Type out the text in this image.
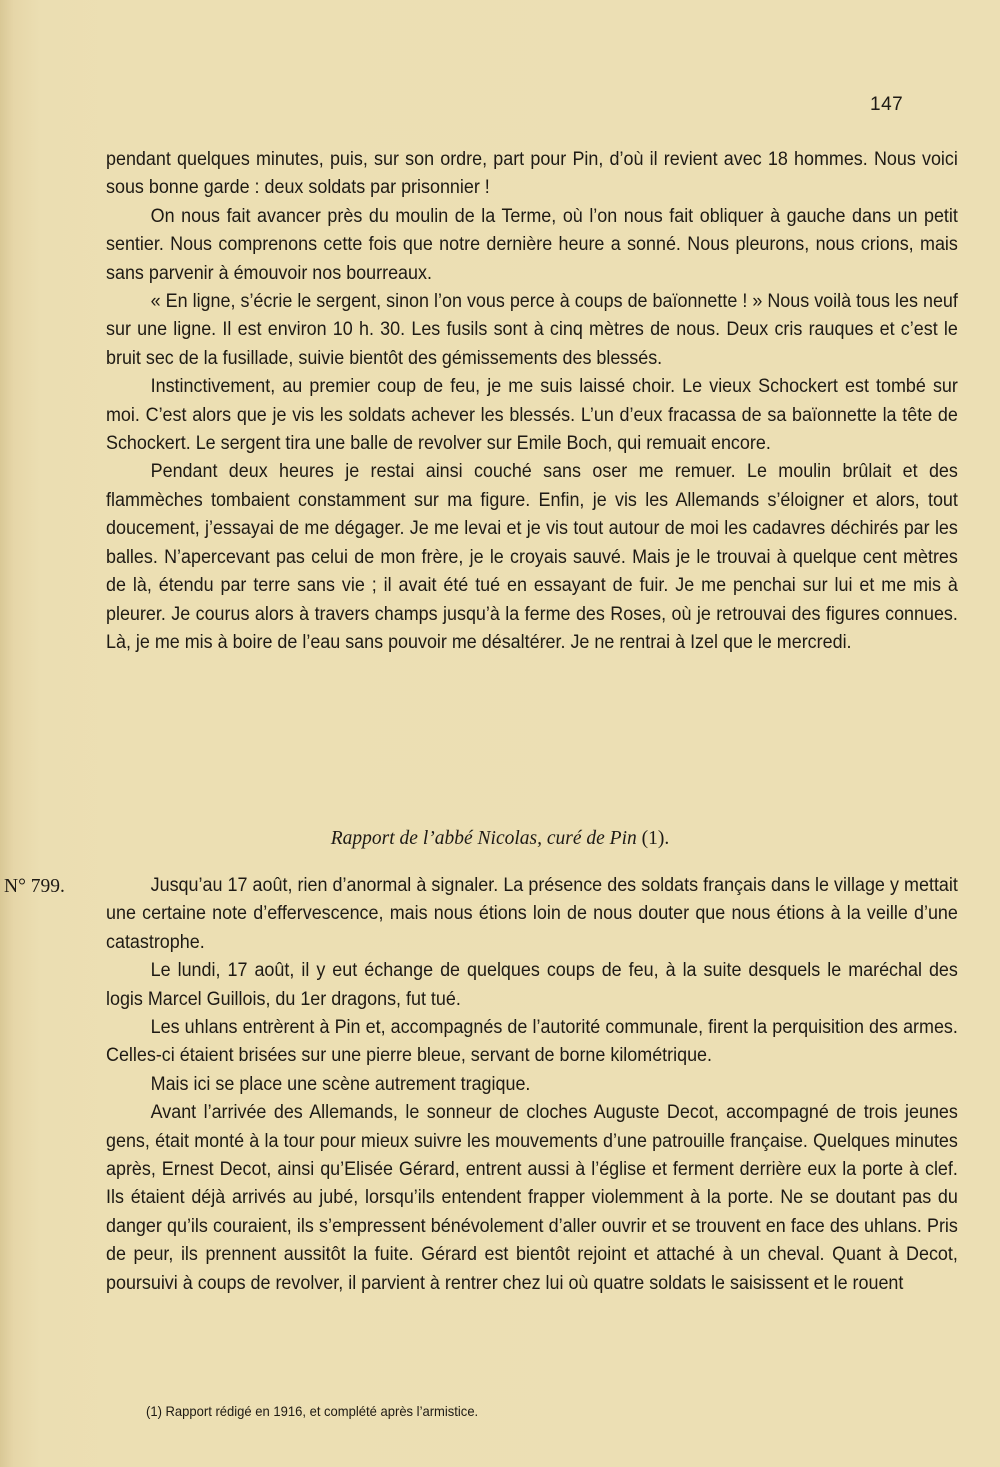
147

pendant quelques minutes, puis, sur son ordre, part pour Pin, d’où il revient avec 18 hommes. Nous voici sous bonne garde : deux soldats par prisonnier !

On nous fait avancer près du moulin de la Terme, où l’on nous fait obliquer à gauche dans un petit sentier. Nous comprenons cette fois que notre dernière heure a sonné. Nous pleurons, nous crions, mais sans parvenir à émouvoir nos bourreaux.

« En ligne, s’écrie le sergent, sinon l’on vous perce à coups de baïonnette ! » Nous voilà tous les neuf sur une ligne. Il est environ 10 h. 30. Les fusils sont à cinq mètres de nous. Deux cris rauques et c’est le bruit sec de la fusillade, suivie bientôt des gémissements des blessés.

Instinctivement, au premier coup de feu, je me suis laissé choir. Le vieux Schockert est tombé sur moi. C’est alors que je vis les soldats achever les blessés. L’un d’eux fracassa de sa baïonnette la tête de Schockert. Le sergent tira une balle de revolver sur Emile Boch, qui remuait encore.

Pendant deux heures je restai ainsi couché sans oser me remuer. Le moulin brûlait et des flammèches tombaient constamment sur ma figure. Enfin, je vis les Allemands s’éloigner et alors, tout doucement, j’essayai de me dégager. Je me levai et je vis tout autour de moi les cadavres déchirés par les balles. N’apercevant pas celui de mon frère, je le croyais sauvé. Mais je le trouvai à quelque cent mètres de là, étendu par terre sans vie ; il avait été tué en essayant de fuir. Je me penchai sur lui et me mis à pleurer. Je courus alors à travers champs jusqu’à la ferme des Roses, où je retrouvai des figures connues. Là, je me mis à boire de l’eau sans pouvoir me désaltérer. Je ne rentrai à Izel que le mercredi.

Rapport de l’abbé Nicolas, curé de Pin (1).
N° 799.	Jusqu’au 17 août, rien d’anormal à signaler. La présence des soldats français dans le village y mettait une certaine note d’effervescence, mais nous étions loin de nous douter que nous étions à la veille d’une catastrophe.

Le lundi, 17 août, il y eut échange de quelques coups de feu, à la suite desquels le maréchal des logis Marcel Guillois, du 1er dragons, fut tué.

Les uhlans entrèrent à Pin et, accompagnés de l’autorité communale, firent la perquisition des armes. Celles-ci étaient brisées sur une pierre bleue, servant de borne kilométrique.

Mais ici se place une scène autrement tragique.

Avant l’arrivée des Allemands, le sonneur de cloches Auguste Decot, accompagné de trois jeunes gens, était monté à la tour pour mieux suivre les mouvements d’une patrouille française. Quelques minutes après, Ernest Decot, ainsi qu’Elisée Gérard, entrent aussi à l’église et ferment derrière eux la porte à clef. Ils étaient déjà arrivés au jubé, lorsqu’ils entendent frapper violemment à la porte. Ne se doutant pas du danger qu’ils couraient, ils s’empressent bénévolement d’aller ouvrir et se trouvent en face des uhlans. Pris de peur, ils prennent aussitôt la fuite. Gérard est bientôt rejoint et attaché à un cheval. Quant à Decot, poursuivi à coups de revolver, il parvient à rentrer chez lui où quatre soldats le saisissent et le rouent

(1) Rapport rédigé en 1916, et complété après l’armistice.
